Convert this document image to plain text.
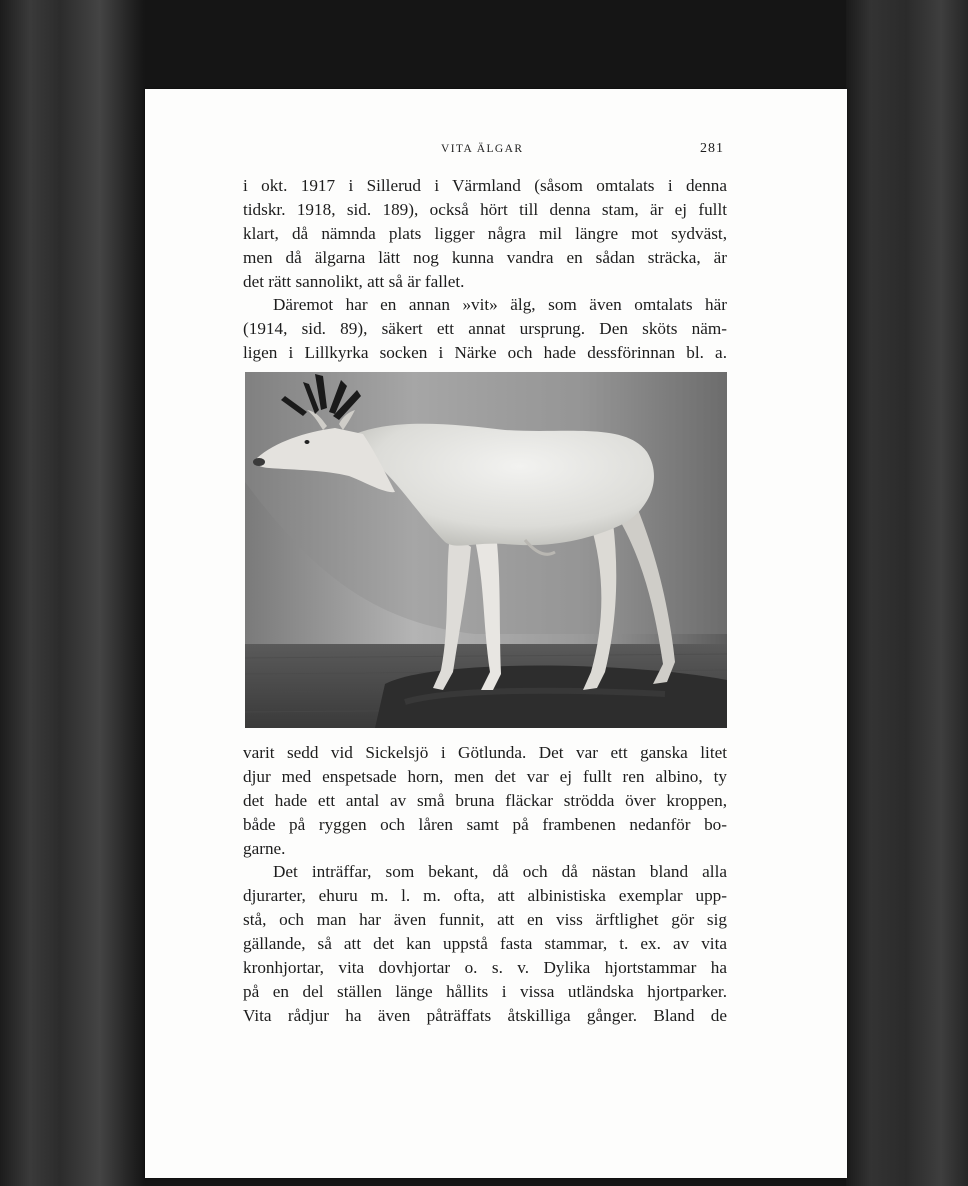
VITA ÄLGAR	281
i okt. 1917 i Sillerud i Värmland (såsom omtalats i denna
tidskr. 1918, sid. 189), också hört till denna stam, är ej fullt
klart, då nämnda plats ligger några mil längre mot sydväst,
men då älgarna lätt nog kunna vandra en sådan sträcka, är
det rätt sannolikt, att så är fallet.
Däremot har en annan »vit» älg, som även omtalats här
(1914, sid. 89), säkert ett annat ursprung. Den sköts näm-
ligen i Lillkyrka socken i Närke och hade dessförinnan bl. a.
varit sedd vid Sickelsjö i Götlunda. Det var ett ganska litet
djur med enspetsade horn, men det var ej fullt ren albino, ty
det hade ett antal av små bruna fläckar strödda över kroppen,
både på ryggen och låren samt på frambenen nedanför bo-
garne.
Det inträffar, som bekant, då och då nästan bland alla
djurarter, ehuru m. l. m. ofta, att albinistiska exemplar upp-
stå, och man har även funnit, att en viss ärftlighet gör sig
gällande, så att det kan uppstå fasta stammar, t. ex. av vita
kronhjortar, vita dovhjortar o. s. v. Dylika hjortstammar ha
på en del ställen länge hållits i vissa utländska hjortparker.
Vita rådjur ha även påträffats åtskilliga gånger. Bland de
